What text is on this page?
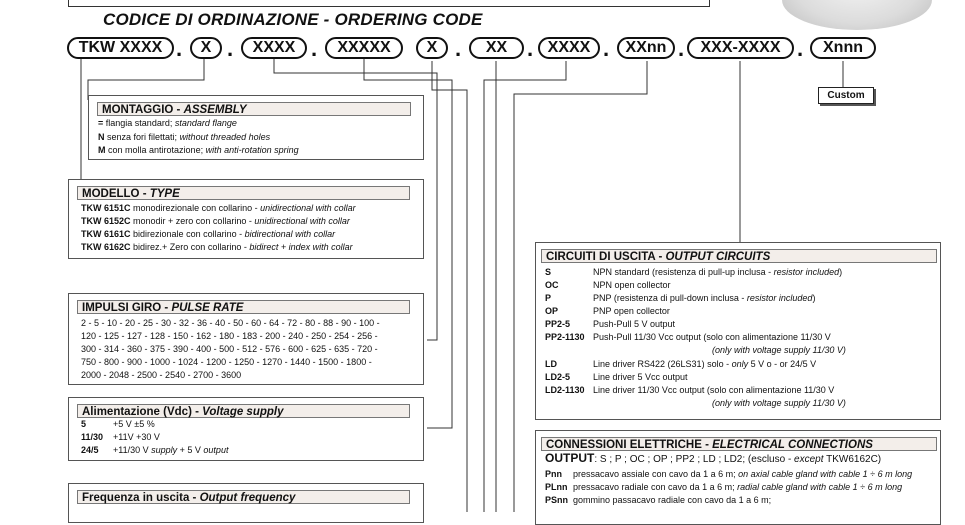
CODICE DI ORDINAZIONE - ORDERING CODE
TKW XXXX .	X .	XXXX .	XXXXX	X .	XX . XXXX .	XXnn .	XXX-XXXX .	Xnnn
Custom
MONTAGGIO - ASSEMBLY
= flangia standard; standard flange
N senza fori filettati; without threaded holes
M con molla antirotazione; with anti-rotation spring
MODELLO - TYPE
TKW 6151C monodirezionale con collarino - unidirectional with collar
TKW 6152C monodir + zero con collarino - unidirectional with collar
TKW 6161C bidirezionale con collarino - bidirectional with collar
TKW 6162C bidirez.+ Zero con collarino - bidirect + index with collar
IMPULSI GIRO - PULSE RATE
2 - 5 - 10 - 20 - 25 - 30 - 32 - 36 - 40 - 50 - 60 - 64 - 72 - 80 - 88 - 90 - 100 -
120 - 125 - 127 - 128 - 150 - 162 - 180 - 183 - 200 - 240 - 250 - 254 - 256 -
300 - 314 - 360 - 375 - 390 - 400 - 500 - 512 - 576 - 600 - 625 - 635 - 720 -
750 - 800 - 900 - 1000 - 1024 - 1200 - 1250 - 1270 - 1440 - 1500 - 1800 -
2000 - 2048 - 2500 - 2540 - 2700 - 3600
Alimentazione (Vdc) - Voltage supply
5	+5 V ±5 %
11/30 +11V +30 V
24/5 +11/30 V supply + 5 V output
Frequenza in uscita - Output frequency
CIRCUITI DI USCITA - OUTPUT CIRCUITS
S	NPN standard (resistenza di pull-up inclusa - resistor included)
OC	NPN open collector
P	PNP (resistenza di pull-down inclusa - resistor included)
OP	PNP open collector
PP2-5	Push-Pull 5 V output
PP2-1130 Push-Pull 11/30 Vcc output (solo con alimentazione 11/30 V
(only with voltage supply 11/30 V)
LD	Line driver RS422 (26LS31) solo - only 5 V o - or 24/5 V
LD2-5	Line driver 5 Vcc output
LD2-1130 Line driver 11/30 Vcc output (solo con alimentazione 11/30 V
(only with voltage supply 11/30 V)
CONNESSIONI ELETTRICHE - ELECTRICAL CONNECTIONS
OUTPUT: S ; P ; OC ; OP ; PP2 ; LD ; LD2; (escluso - except TKW6162C)
Pnn pressacavo assiale con cavo da 1 a 6 m; on axial cable gland with cable 1 ÷ 6 m long
PLnn pressacavo radiale con cavo da 1 a 6 m; radial cable gland with cable 1 ÷ 6 m long
PSnn gommino passacavo radiale con cavo da 1 a 6 m;
